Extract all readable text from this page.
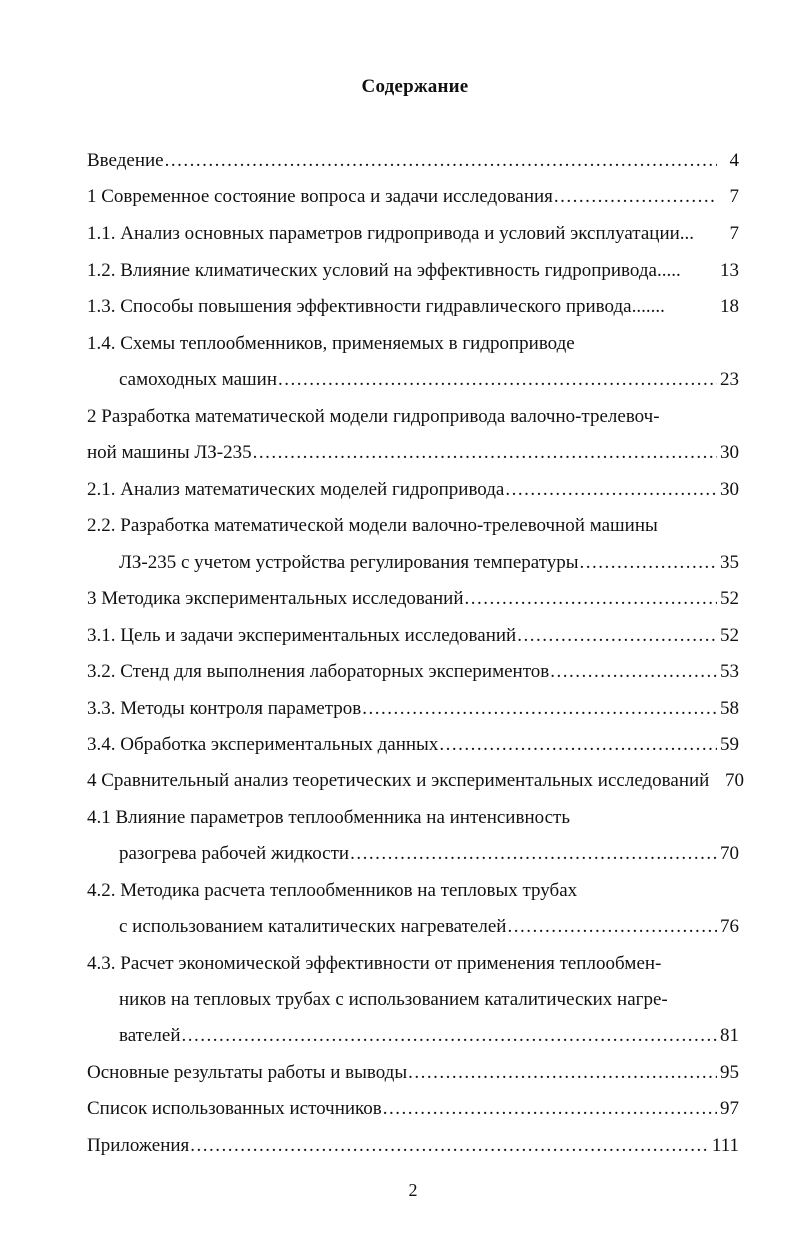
Содержание
Введение .....	4
1 Современное состояние вопроса и задачи исследования .....	7
1.1. Анализ основных параметров гидропривода и условий эксплуатации...	7
1.2. Влияние климатических условий на эффективность гидропривода..... 13
1.3. Способы повышения эффективности гидравлического привода.......	18
1.4. Схемы теплообменников, применяемых в гидроприводе
самоходных машин .....	23
2 Разработка математической модели гидропривода валочно-трелевоч-
ной машины ЛЗ-235 .....	30
2.1. Анализ математических моделей гидропривода .....	30
2.2. Разработка математической модели валочно-трелевочной машины
ЛЗ-235 с учетом устройства регулирования температуры .....	35
3 Методика экспериментальных исследований .....	52
3.1. Цель и задачи экспериментальных исследований .....	52
3.2. Стенд для выполнения лабораторных экспериментов .....	53
3.3. Методы контроля параметров .....	58
3.4. Обработка экспериментальных данных .....	59
4 Сравнительный анализ теоретических и экспериментальных исследований 70
4.1 Влияние параметров теплообменника на интенсивность
разогрева рабочей жидкости .....	70
4.2. Методика расчета теплообменников на тепловых трубах
с использованием каталитических нагревателей .....	76
4.3. Расчет экономической эффективности от применения теплообмен-
ников на тепловых трубах с использованием каталитических нагре-
вателей .....	81
Основные результаты работы и выводы .....	95
Список использованных источников .....	97
Приложения .....	111
2
